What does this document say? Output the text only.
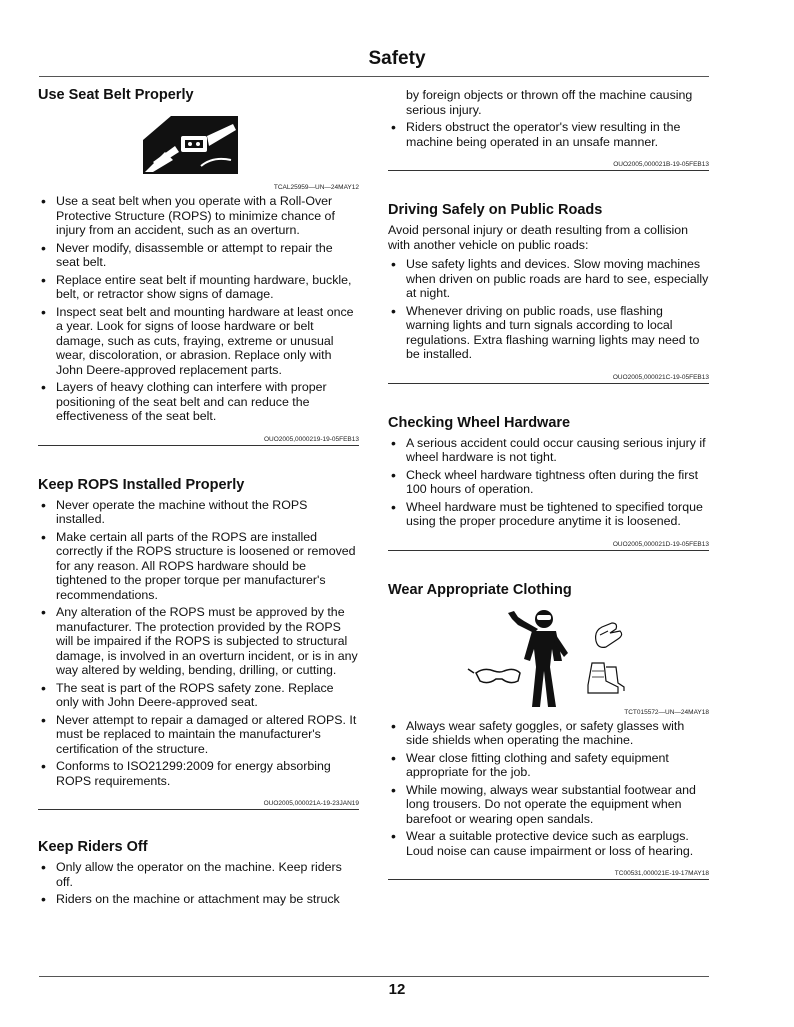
Safety
Use Seat Belt Properly
TCAL25959—UN—24MAY12
• Use a seat belt when you operate with a Roll-Over Protective Structure (ROPS) to minimize chance of injury from an accident, such as an overturn.
• Never modify, disassemble or attempt to repair the seat belt.
• Replace entire seat belt if mounting hardware, buckle, belt, or retractor show signs of damage.
• Inspect seat belt and mounting hardware at least once a year. Look for signs of loose hardware or belt damage, such as cuts, fraying, extreme or unusual wear, discoloration, or abrasion. Replace only with John Deere-approved replacement parts.
• Layers of heavy clothing can interfere with proper positioning of the seat belt and can reduce the effectiveness of the seat belt.
OUO2005,0000219-19-05FEB13
Keep ROPS Installed Properly
• Never operate the machine without the ROPS installed.
• Make certain all parts of the ROPS are installed correctly if the ROPS structure is loosened or removed for any reason. All ROPS hardware should be tightened to the proper torque per manufacturer's recommendations.
• Any alteration of the ROPS must be approved by the manufacturer. The protection provided by the ROPS will be impaired if the ROPS is subjected to structural damage, is involved in an overturn incident, or is in any way altered by welding, bending, drilling, or cutting.
• The seat is part of the ROPS safety zone. Replace only with John Deere-approved seat.
• Never attempt to repair a damaged or altered ROPS. It must be replaced to maintain the manufacturer's certification of the structure.
• Conforms to ISO21299:2009 for energy absorbing ROPS requirements.
OUO2005,000021A-19-23JAN19
Keep Riders Off
• Only allow the operator on the machine. Keep riders off.
• Riders on the machine or attachment may be struck
by foreign objects or thrown off the machine causing serious injury.
• Riders obstruct the operator's view resulting in the machine being operated in an unsafe manner.
OUO2005,000021B-19-05FEB13
Driving Safely on Public Roads

Avoid personal injury or death resulting from a collision with another vehicle on public roads:

• Use safety lights and devices. Slow moving machines when driven on public roads are hard to see, especially at night.
• Whenever driving on public roads, use flashing warning lights and turn signals according to local regulations. Extra flashing warning lights may need to be installed.
OUO2005,000021C-19-05FEB13
Checking Wheel Hardware
• A serious accident could occur causing serious injury if wheel hardware is not tight.
• Check wheel hardware tightness often during the first 100 hours of operation.
• Wheel hardware must be tightened to specified torque using the proper procedure anytime it is loosened.
OUO2005,000021D-19-05FEB13
Wear Appropriate Clothing
TCT015572—UN—24MAY18
• Always wear safety goggles, or safety glasses with side shields when operating the machine.
• Wear close fitting clothing and safety equipment appropriate for the job.
• While mowing, always wear substantial footwear and long trousers. Do not operate the equipment when barefoot or wearing open sandals.
• Wear a suitable protective device such as earplugs. Loud noise can cause impairment or loss of hearing.
TC00531,000021E-19-17MAY18
12
